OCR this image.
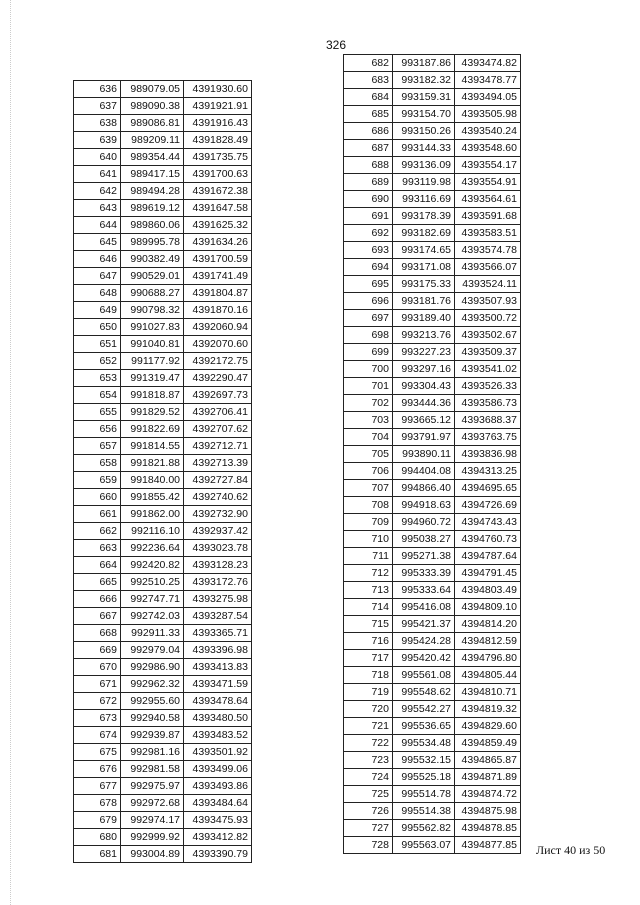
326
636	989079.05	4391930.60
637	989090.38	4391921.91
638	989086.81	4391916.43
639	989209.11	4391828.49
640	989354.44	4391735.75
641	989417.15	4391700.63
642	989494.28	4391672.38
643	989619.12	4391647.58
644	989860.06	4391625.32
645	989995.78	4391634.26
646	990382.49	4391700.59
647	990529.01	4391741.49
648	990688.27	4391804.87
649	990798.32	4391870.16
650	991027.83	4392060.94
651	991040.81	4392070.60
652	991177.92	4392172.75
653	991319.47	4392290.47
654	991818.87	4392697.73
655	991829.52	4392706.41
656	991822.69	4392707.62
657	991814.55	4392712.71
658	991821.88	4392713.39
659	991840.00	4392727.84
660	991855.42	4392740.62
661	991862.00	4392732.90
662	992116.10	4392937.42
663	992236.64	4393023.78
664	992420.82	4393128.23
665	992510.25	4393172.76
666	992747.71	4393275.98
667	992742.03	4393287.54
668	992911.33	4393365.71
669	992979.04	4393396.98
670	992986.90	4393413.83
671	992962.32	4393471.59
672	992955.60	4393478.64
673	992940.58	4393480.50
674	992939.87	4393483.52
675	992981.16	4393501.92
676	992981.58	4393499.06
677	992975.97	4393493.86
678	992972.68	4393484.64
679	992974.17	4393475.93
680	992999.92	4393412.82
681	993004.89	4393390.79
682	993187.86	4393474.82
683	993182.32	4393478.77
684	993159.31	4393494.05
685	993154.70	4393505.98
686	993150.26	4393540.24
687	993144.33	4393548.60
688	993136.09	4393554.17
689	993119.98	4393554.91
690	993116.69	4393564.61
691	993178.39	4393591.68
692	993182.69	4393583.51
693	993174.65	4393574.78
694	993171.08	4393566.07
695	993175.33	4393524.11
696	993181.76	4393507.93
697	993189.40	4393500.72
698	993213.76	4393502.67
699	993227.23	4393509.37
700	993297.16	4393541.02
701	993304.43	4393526.33
702	993444.36	4393586.73
703	993665.12	4393688.37
704	993791.97	4393763.75
705	993890.11	4393836.98
706	994404.08	4394313.25
707	994866.40	4394695.65
708	994918.63	4394726.69
709	994960.72	4394743.43
710	995038.27	4394760.73
711	995271.38	4394787.64
712	995333.39	4394791.45
713	995333.64	4394803.49
714	995416.08	4394809.10
715	995421.37	4394814.20
716	995424.28	4394812.59
717	995420.42	4394796.80
718	995561.08	4394805.44
719	995548.62	4394810.71
720	995542.27	4394819.32
721	995536.65	4394829.60
722	995534.48	4394859.49
723	995532.15	4394865.87
724	995525.18	4394871.89
725	995514.78	4394874.72
726	995514.38	4394875.98
727	995562.82	4394878.85
728	995563.07	4394877.85 Лист 40 из 50
